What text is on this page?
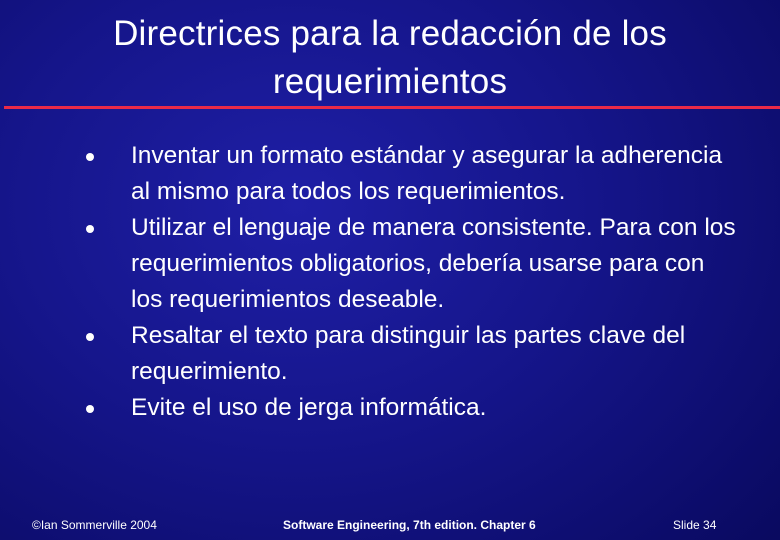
Directrices para la redacción de los requerimientos
Inventar un formato estándar y asegurar la adherencia al mismo para todos los requerimientos.
Utilizar el lenguaje de manera consistente. Para con los requerimientos obligatorios, debería usarse para con los requerimientos deseable.
Resaltar el texto para distinguir las partes clave del requerimiento.
Evite el uso de jerga informática.
©Ian Sommerville 2004	Software Engineering, 7th edition. Chapter 6	Slide 34
